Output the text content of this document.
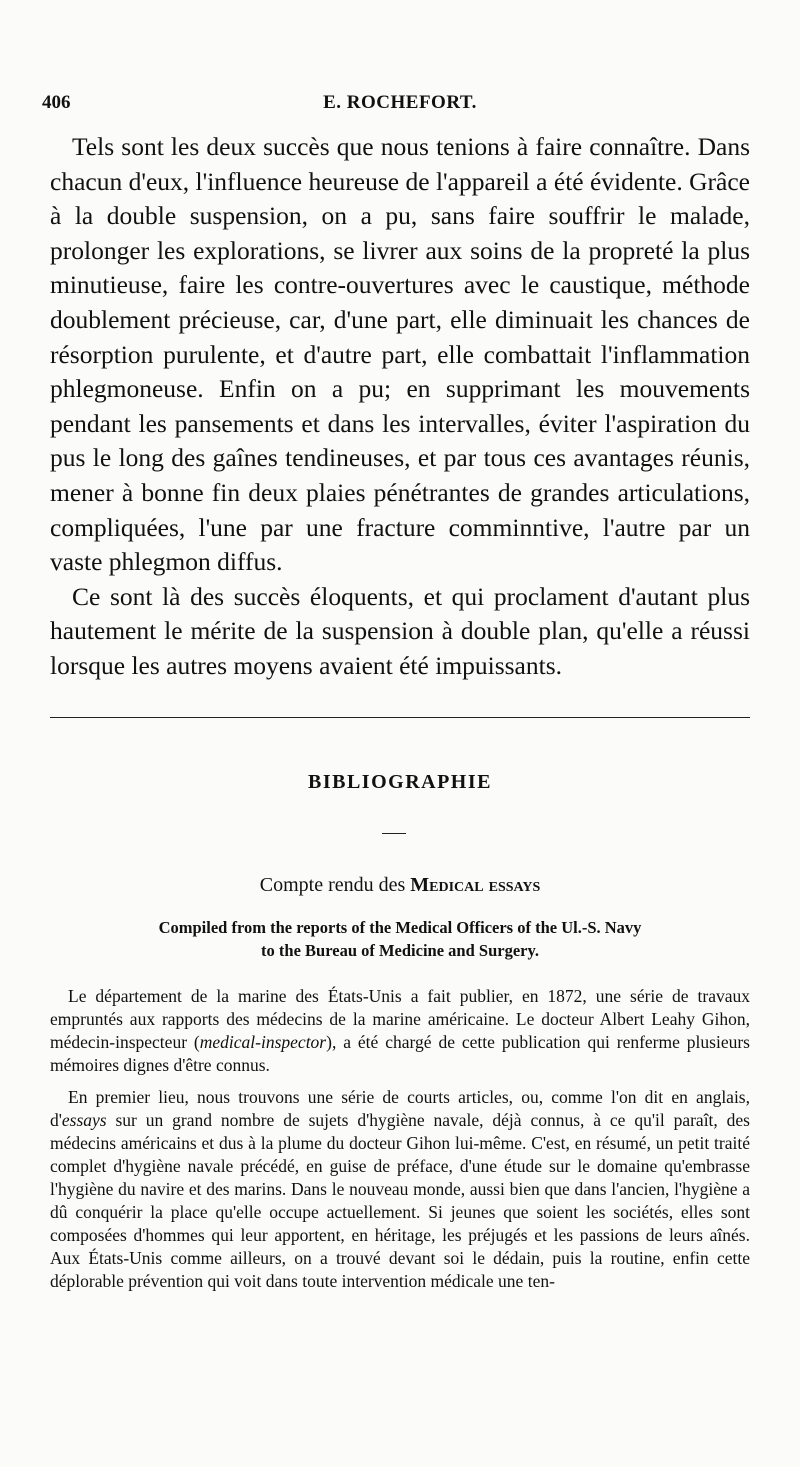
406	E. ROCHEFORT.

Tels sont les deux succès que nous tenions à faire connaître. Dans chacun d'eux, l'influence heureuse de l'appareil a été évidente. Grâce à la double suspension, on a pu, sans faire souffrir le malade, prolonger les explorations, se livrer aux soins de la propreté la plus minutieuse, faire les contre-ouvertures avec le caustique, méthode doublement précieuse, car, d'une part, elle diminuait les chances de résorption purulente, et d'autre part, elle combattait l'inflammation phlegmoneuse. Enfin on a pu; en supprimant les mouvements pendant les pansements et dans les intervalles, éviter l'aspiration du pus le long des gaînes tendineuses, et par tous ces avantages réunis, mener à bonne fin deux plaies pénétrantes de grandes articulations, compliquées, l'une par une fracture comminntive, l'autre par un vaste phlegmon diffus.

Ce sont là des succès éloquents, et qui proclament d'autant plus hautement le mérite de la suspension à double plan, qu'elle a réussi lorsque les autres moyens avaient été impuissants.

BIBLIOGRAPHIE
Compte rendu des Medical essays
Compiled from the reports of the Medical Officers of the Ul.-S. Navy
to the Bureau of Medicine and Surgery.

Le département de la marine des États-Unis a fait publier, en 1872, une série de travaux empruntés aux rapports des médecins de la marine américaine. Le docteur Albert Leahy Gihon, médecin-inspecteur (medical-inspector), a été chargé de cette publication qui renferme plusieurs mémoires dignes d'être connus.

En premier lieu, nous trouvons une série de courts articles, ou, comme l'on dit en anglais, d'essays sur un grand nombre de sujets d'hygiène navale, déjà connus, à ce qu'il paraît, des médecins américains et dus à la plume du docteur Gihon lui-même. C'est, en résumé, un petit traité complet d'hygiène navale précédé, en guise de préface, d'une étude sur le domaine qu'embrasse l'hygiène du navire et des marins. Dans le nouveau monde, aussi bien que dans l'ancien, l'hygiène a dû conquérir la place qu'elle occupe actuellement. Si jeunes que soient les sociétés, elles sont composées d'hommes qui leur apportent, en héritage, les préjugés et les passions de leurs aînés. Aux États-Unis comme ailleurs, on a trouvé devant soi le dédain, puis la routine, enfin cette déplorable prévention qui voit dans toute intervention médicale une ten-
